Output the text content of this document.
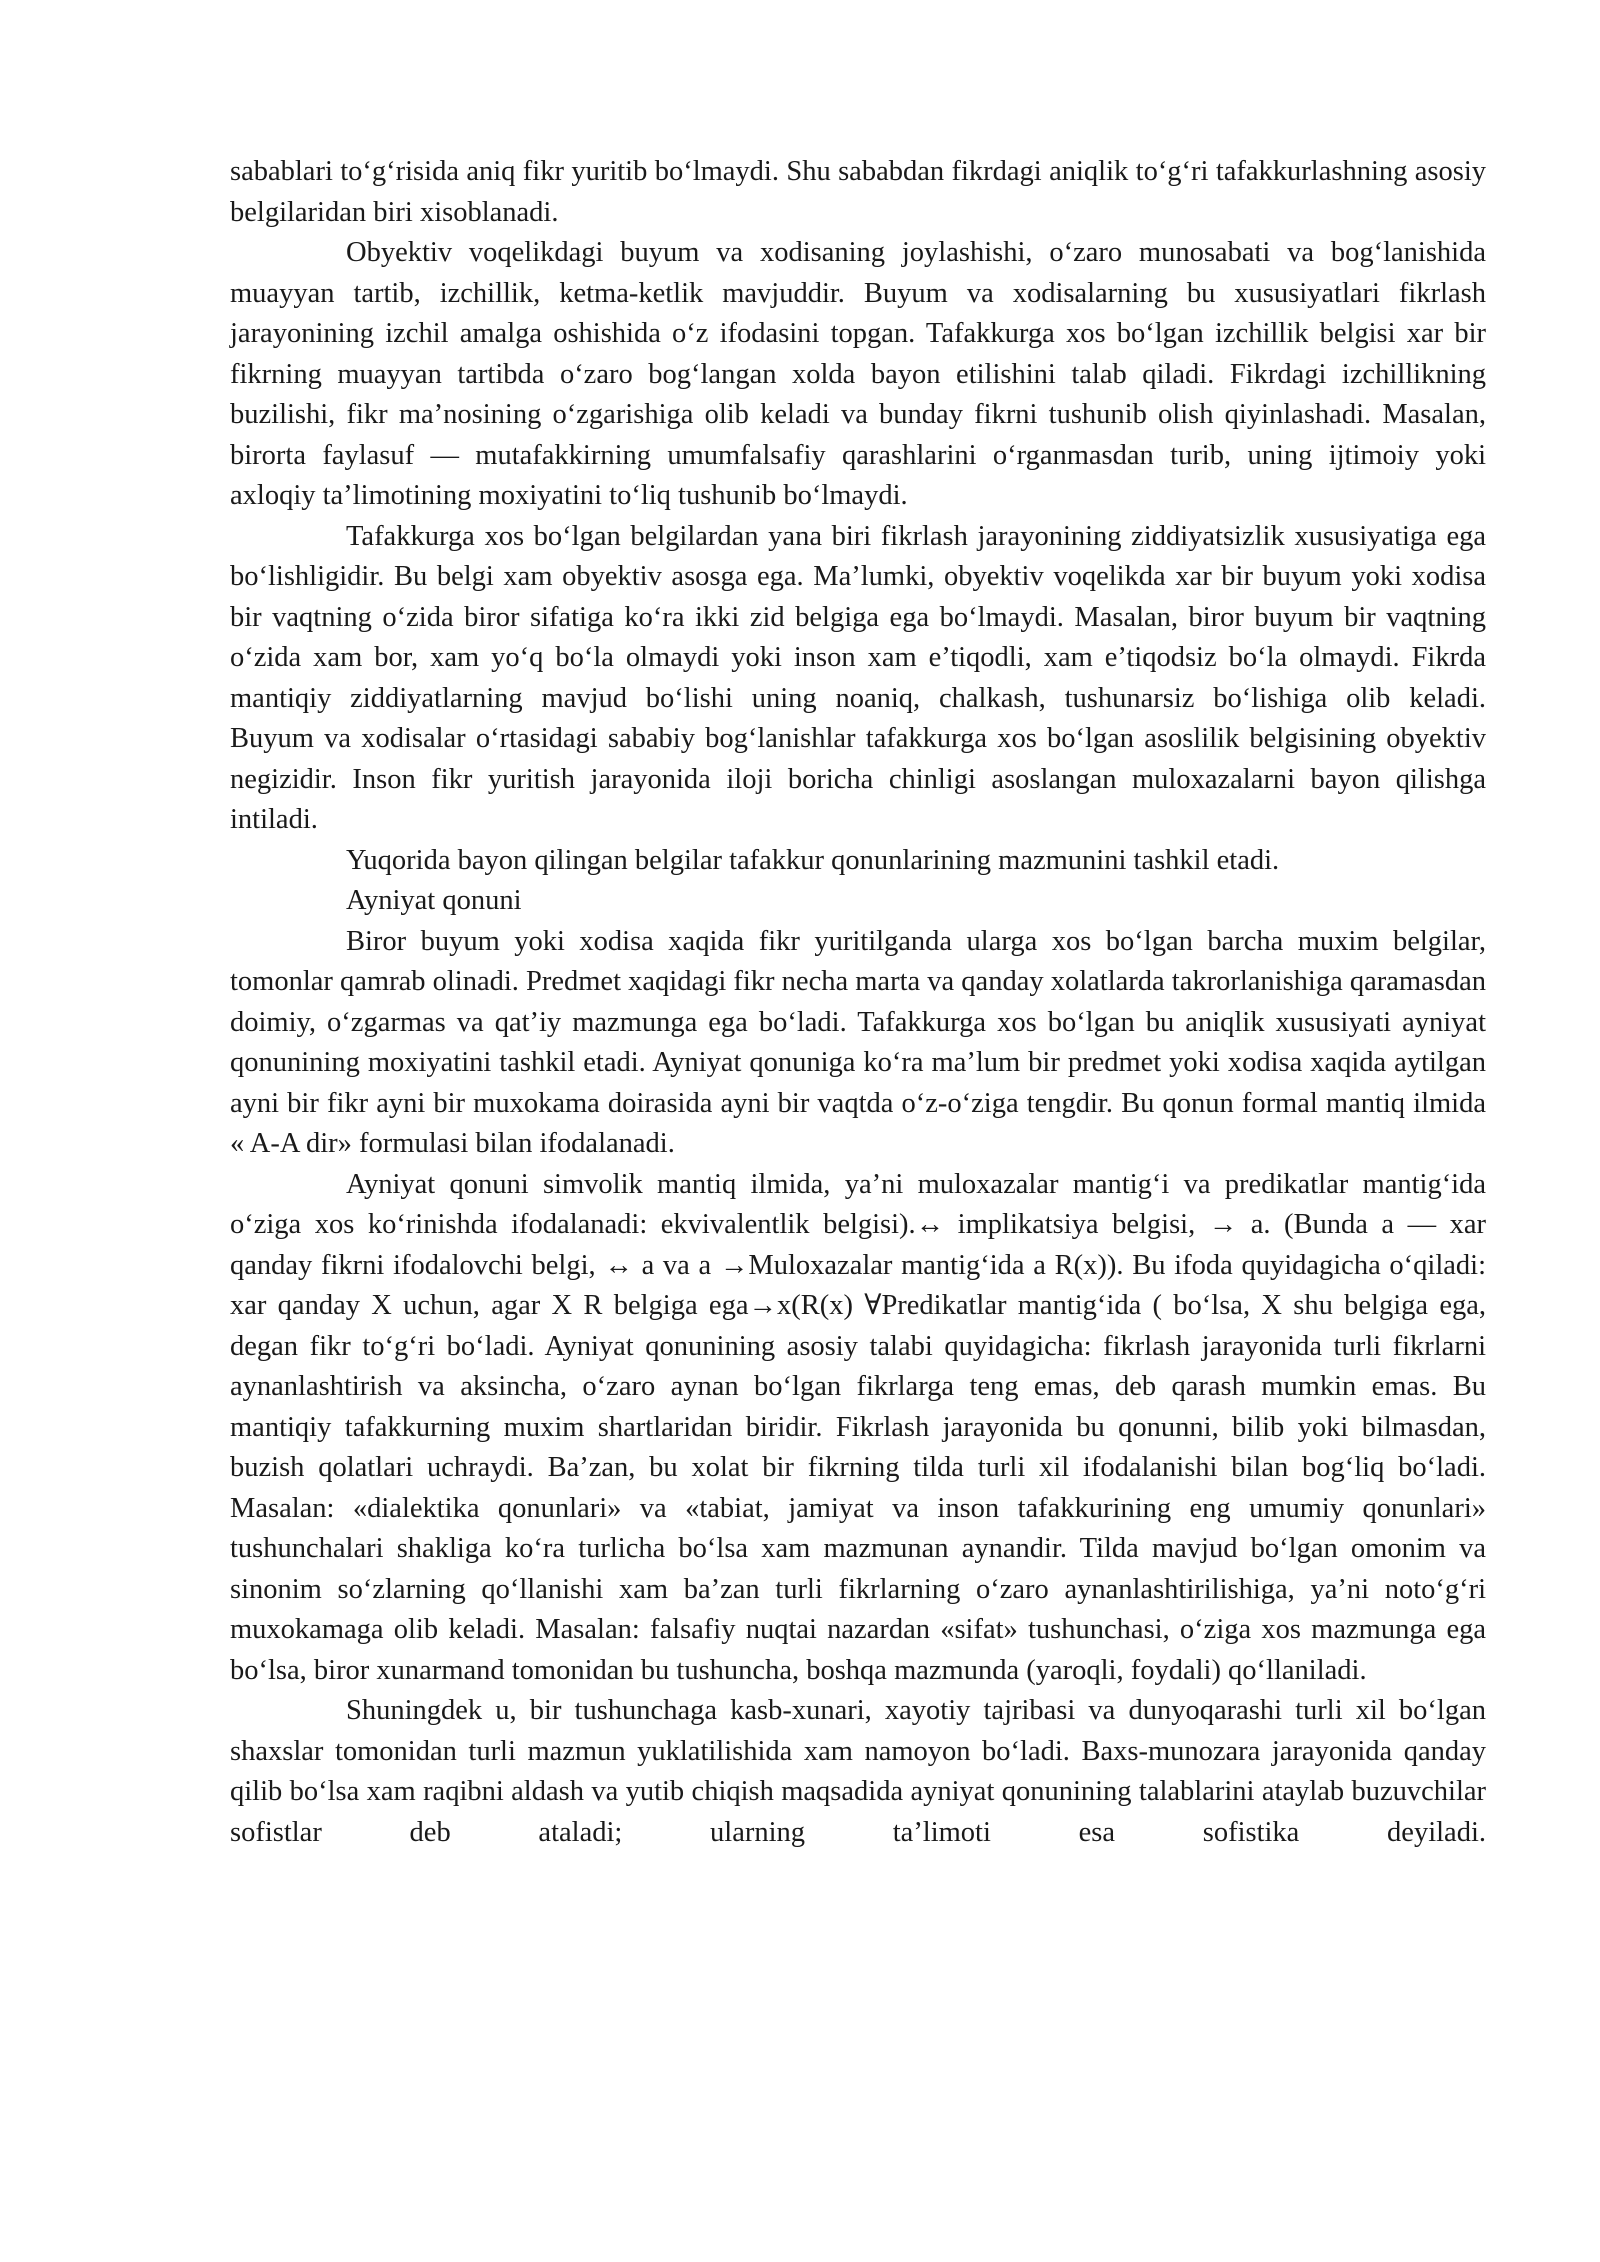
sabablari to‘g‘risida aniq fikr yuritib bo‘lmaydi. Shu sababdan fikrdagi aniqlik to‘g‘ri tafakkurlashning asosiy belgilaridan biri xisoblanadi.

Obyektiv voqelikdagi buyum va xodisaning joylashishi, o‘zaro munosabati va bog‘lanishida muayyan tartib, izchillik, ketma-ketlik mavjuddir. Buyum va xodisalarning bu xususiyatlari fikrlash jarayonining izchil amalga oshishida o‘z ifodasini topgan. Tafakkurga xos bo‘lgan izchillik belgisi xar bir fikrning muayyan tartibda o‘zaro bog‘langan xolda bayon etilishini talab qiladi. Fikrdagi izchillikning buzilishi, fikr ma’nosining o‘zgarishiga olib keladi va bunday fikrni tushunib olish qiyinlashadi. Masalan, birorta faylasuf — mutafakkirning umumfalsafiy qarashlarini o‘rganmasdan turib, uning ijtimoiy yoki axloqiy ta’limotining moxiyatini to‘liq tushunib bo‘lmaydi.

Tafakkurga xos bo‘lgan belgilardan yana biri fikrlash jarayonining ziddiyatsizlik xususiyatiga ega bo‘lishligidir. Bu belgi xam obyektiv asosga ega. Ma’lumki, obyektiv voqelikda xar bir buyum yoki xodisa bir vaqtning o‘zida biror sifatiga ko‘ra ikki zid belgiga ega bo‘lmaydi. Masalan, biror buyum bir vaqtning o‘zida xam bor, xam yo‘q bo‘la olmaydi yoki inson xam e’tiqodli, xam e’tiqodsiz bo‘la olmaydi. Fikrda mantiqiy ziddiyatlarning mavjud bo‘lishi uning noaniq, chalkash, tushunarsiz bo‘lishiga olib keladi.

Buyum va xodisalar o‘rtasidagi sababiy bog‘lanishlar tafakkurga xos bo‘lgan asoslilik belgisining obyektiv negizidir. Inson fikr yuritish jarayonida iloji boricha chinligi asoslangan muloxazalarni bayon qilishga intiladi.

Yuqorida bayon qilingan belgilar tafakkur qonunlarining mazmunini tashkil etadi.

Ayniyat qonuni

Biror buyum yoki xodisa xaqida fikr yuritilganda ularga xos bo‘lgan barcha muxim belgilar, tomonlar qamrab olinadi. Predmet xaqidagi fikr necha marta va qanday xolatlarda takrorlanishiga qaramasdan doimiy, o‘zgarmas va qat’iy mazmunga ega bo‘ladi. Tafakkurga xos bo‘lgan bu aniqlik xususiyati ayniyat qonunining moxiyatini tashkil etadi. Ayniyat qonuniga ko‘ra ma’lum bir predmet yoki xodisa xaqida aytilgan ayni bir fikr ayni bir muxokama doirasida ayni bir vaqtda o‘z-o‘ziga tengdir. Bu qonun formal mantiq ilmida « A-A dir» formulasi bilan ifodalanadi.

Ayniyat qonuni simvolik mantiq ilmida, ya’ni muloxazalar mantig‘i va predikatlar mantig‘ida o‘ziga xos ko‘rinishda ifodalanadi: ekvivalentlik belgisi).↔ implikatsiya belgisi, → a. (Bunda a — xar qanday fikrni ifodalovchi belgi, ↔ a va a →Muloxazalar mantig‘ida a R(x)). Bu ifoda quyidagicha o‘qiladi: xar qanday X uchun, agar X R belgiga ega→x(R(x) ∀Predikatlar mantig‘ida ( bo‘lsa, X shu belgiga ega, degan fikr to‘g‘ri bo‘ladi. Ayniyat qonunining asosiy talabi quyidagicha: fikrlash jarayonida turli fikrlarni aynanlashtirish va aksincha, o‘zaro aynan bo‘lgan fikrlarga teng emas, deb qarash mumkin emas. Bu mantiqiy tafakkurning muxim shartlaridan biridir. Fikrlash jarayonida bu qonunni, bilib yoki bilmasdan, buzish qolatlari uchraydi. Ba’zan, bu xolat bir fikrning tilda turli xil ifodalanishi bilan bog‘liq bo‘ladi. Masalan: «dialektika qonunlari» va «tabiat, jamiyat va inson tafakkurining eng umumiy qonunlari» tushunchalari shakliga ko‘ra turlicha bo‘lsa xam mazmunan aynandir. Tilda mavjud bo‘lgan omonim va sinonim so‘zlarning qo‘llanishi xam ba’zan turli fikrlarning o‘zaro aynanlashtirilishiga, ya’ni noto‘g‘ri muxokamaga olib keladi. Masalan: falsafiy nuqtai nazardan «sifat» tushunchasi, o‘ziga xos mazmunga ega bo‘lsa, biror xunarmand tomonidan bu tushuncha, boshqa mazmunda (yaroqli, foydali) qo‘llaniladi.

Shuningdek u, bir tushunchaga kasb-xunari, xayotiy tajribasi va dunyoqarashi turli xil bo‘lgan shaxslar tomonidan turli mazmun yuklatilishida xam namoyon bo‘ladi. Baxs-munozara jarayonida qanday qilib bo‘lsa xam raqibni aldash va yutib chiqish maqsadida ayniyat qonunining talablarini ataylab buzuvchilar sofistlar deb ataladi; ularning ta’limoti esa sofistika deyiladi.
